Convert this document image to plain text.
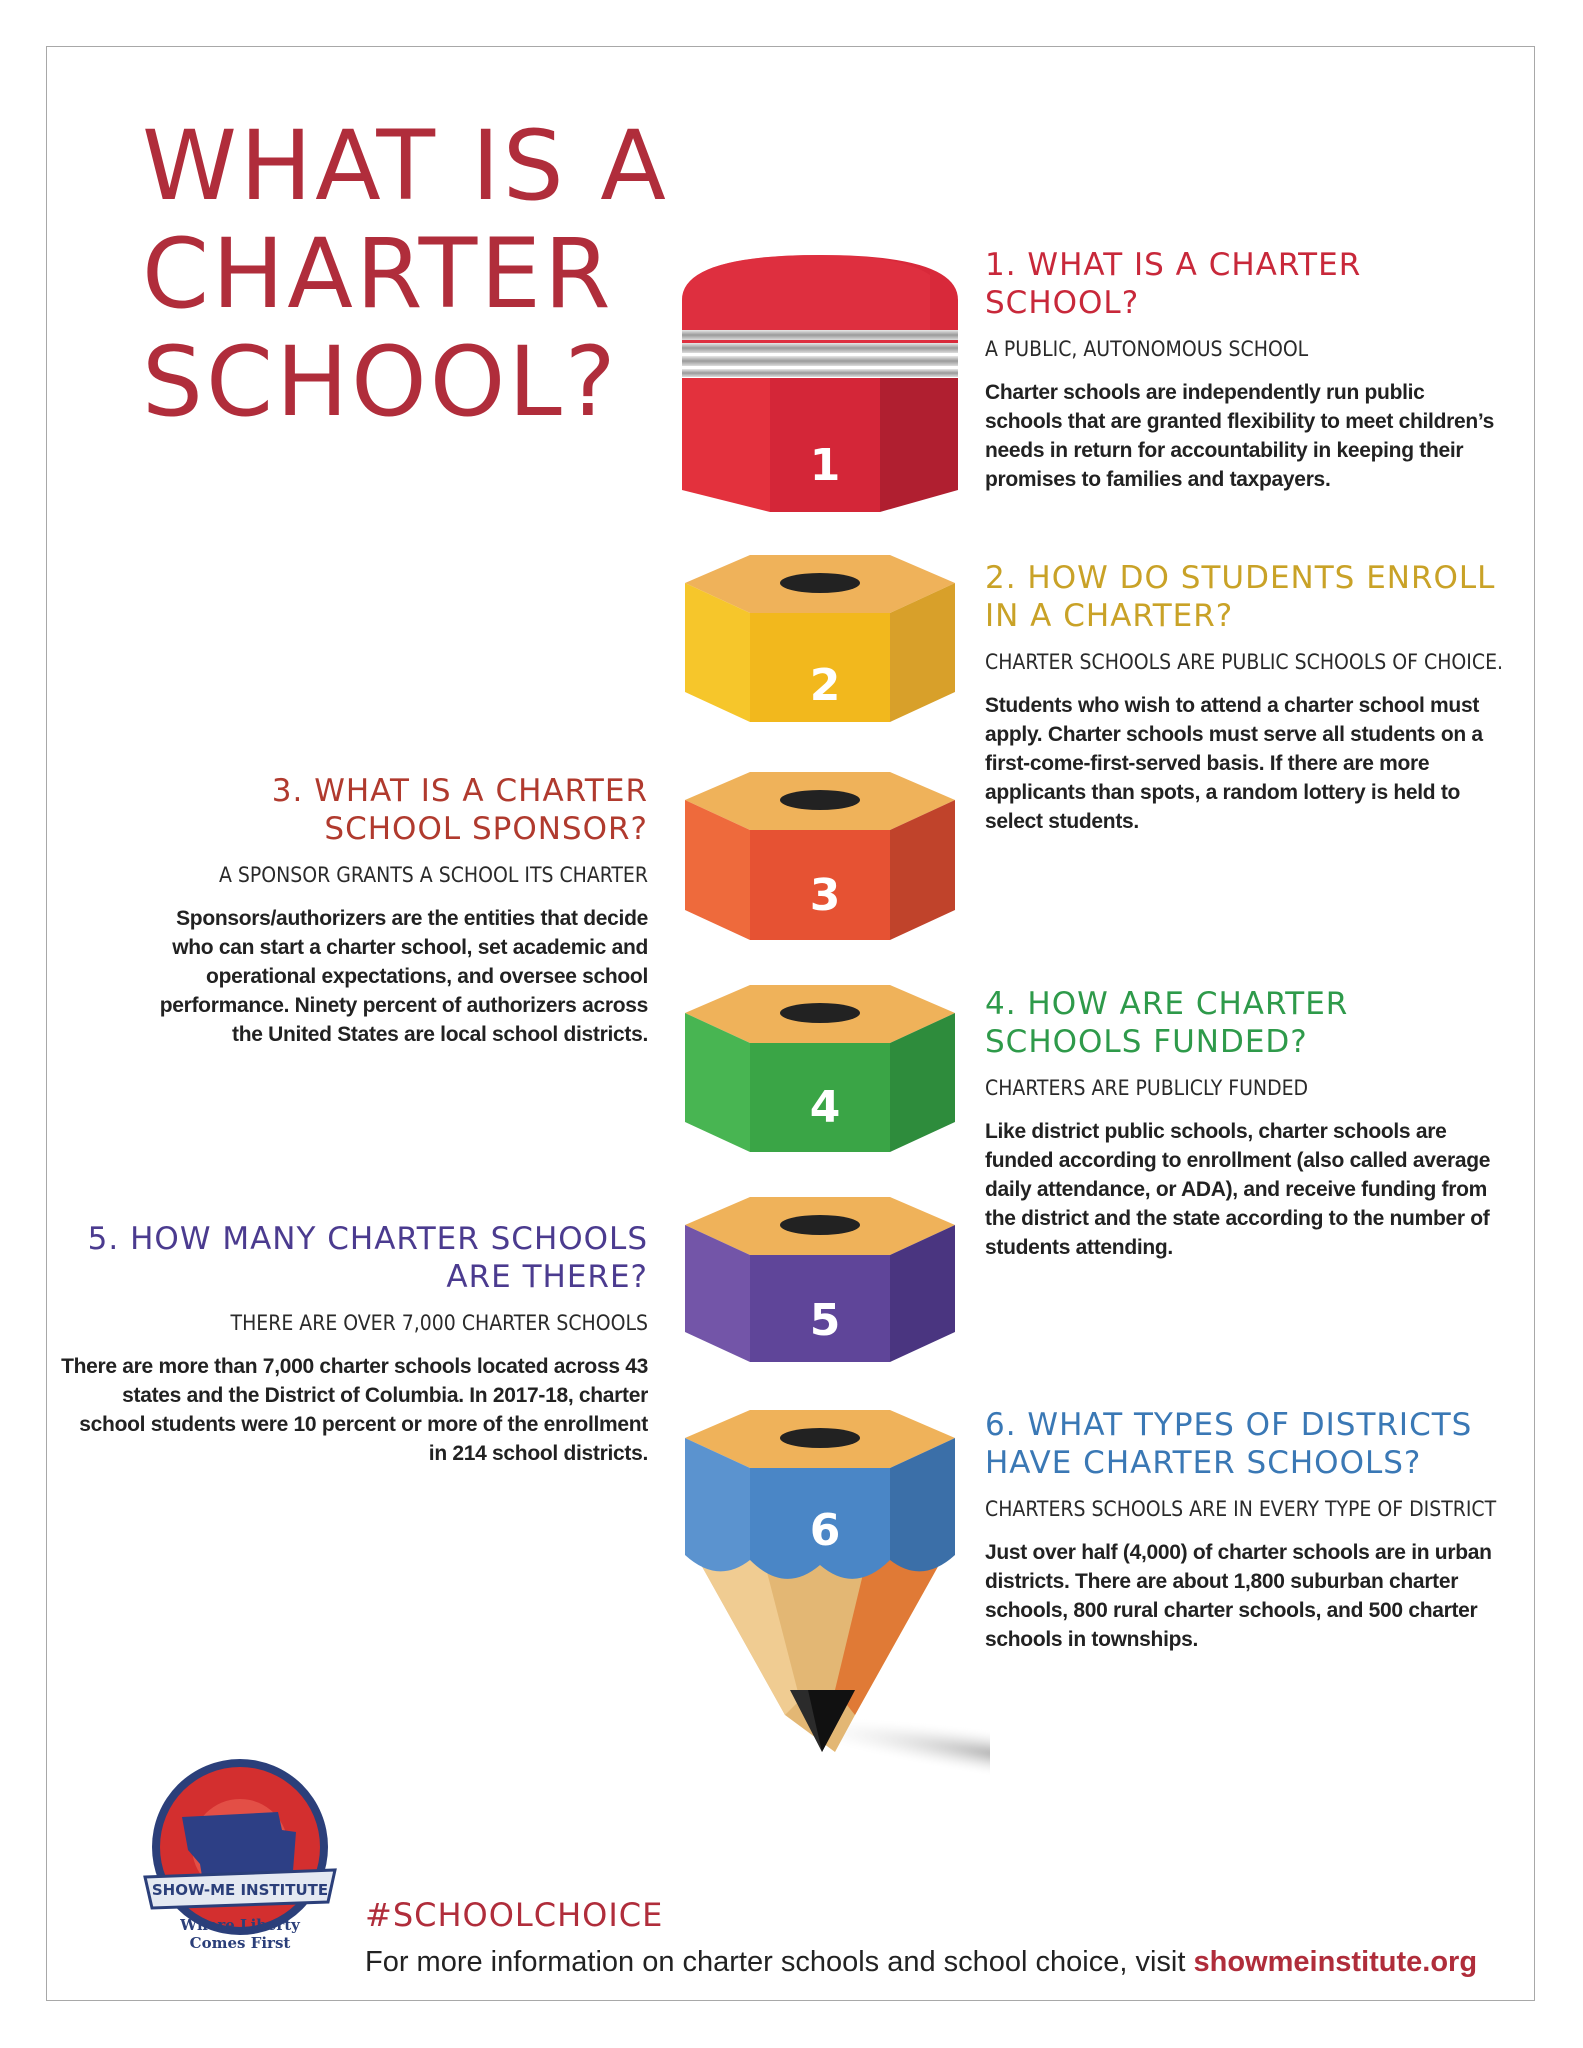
WHAT IS A CHARTER SCHOOL?
1. WHAT IS A CHARTER SCHOOL?

A PUBLIC, AUTONOMOUS SCHOOL

Charter schools are independently run public schools that are granted flexibility to meet children’s needs in return for accountability in keeping their promises to families and taxpayers.

2. HOW DO STUDENTS ENROLL IN A CHARTER?

CHARTER SCHOOLS ARE PUBLIC SCHOOLS OF CHOICE.

Students who wish to attend a charter school must apply. Charter schools must serve all students on a first-come-first-served basis. If there are more applicants than spots, a random lottery is held to select students.

3. WHAT IS A CHARTER SCHOOL SPONSOR?

A SPONSOR GRANTS A SCHOOL ITS CHARTER

Sponsors/authorizers are the entities that decide who can start a charter school, set academic and operational expectations, and oversee school performance. Ninety percent of authorizers across the United States are local school districts.

4. HOW ARE CHARTER SCHOOLS FUNDED?

CHARTERS ARE PUBLICLY FUNDED

Like district public schools, charter schools are funded according to enrollment (also called average daily attendance, or ADA), and receive funding from the district and the state according to the number of students attending.

5. HOW MANY CHARTER SCHOOLS ARE THERE?

THERE ARE OVER 7,000 CHARTER SCHOOLS

There are more than 7,000 charter schools located across 43 states and the District of Columbia. In 2017-18, charter school students were 10 percent or more of the enrollment in 214 school districts.

6. WHAT TYPES OF DISTRICTS HAVE CHARTER SCHOOLS?

CHARTERS SCHOOLS ARE IN EVERY TYPE OF DISTRICT

Just over half (4,000) of charter schools are in urban districts. There are about 1,800 suburban charter schools, 800 rural charter schools, and 500 charter schools in townships.

1
2
3
4
5
6
SHOW-ME INSTITUTE
Where Liberty
Comes First

#SCHOOLCHOICE

For more information on charter schools and school choice, visit showmeinstitute.org
